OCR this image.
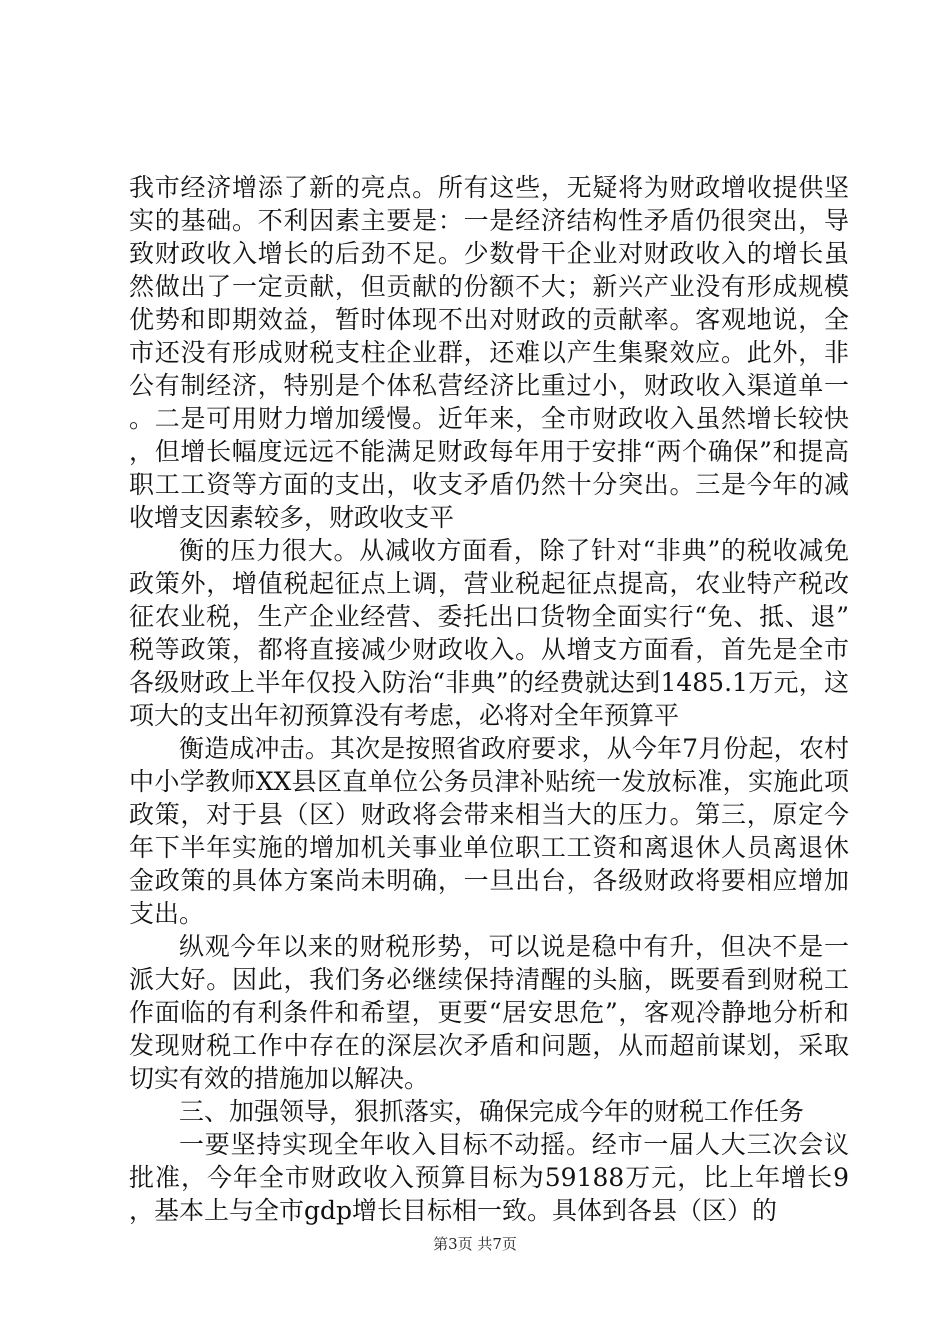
我市经济增添了新的亮点。所有这些，无疑将为财政增收提供坚实的基础。不利因素主要是：一是经济结构性矛盾仍很突出，导致财政收入增长的后劲不足。少数骨干企业对财政收入的增长虽然做出了一定贡献，但贡献的份额不大；新兴产业没有形成规模优势和即期效益，暂时体现不出对财政的贡献率。客观地说，全市还没有形成财税支柱企业群，还难以产生集聚效应。此外，非公有制经济，特别是个体私营经济比重过小，财政收入渠道单一。二是可用财力增加缓慢。近年来，全市财政收入虽然增长较快，但增长幅度远远不能满足财政每年用于安排“两个确保”和提高职工工资等方面的支出，收支矛盾仍然十分突出。三是今年的减收增支因素较多，财政收支平

衡的压力很大。从减收方面看，除了针对“非典”的税收减免政策外，增值税起征点上调，营业税起征点提高，农业特产税改征农业税，生产企业经营、委托出口货物全面实行“免、抵、退”税等政策，都将直接减少财政收入。从增支方面看，首先是全市各级财政上半年仅投入防治“非典”的经费就达到1485.1万元，这项大的支出年初预算没有考虑，必将对全年预算平

衡造成冲击。其次是按照省政府要求，从今年7月份起，农村中小学教师XX县区直单位公务员津补贴统一发放标准，实施此项政策，对于县（区）财政将会带来相当大的压力。第三，原定今年下半年实施的增加机关事业单位职工工资和离退休人员离退休金政策的具体方案尚未明确，一旦出台，各级财政将要相应增加支出。

纵观今年以来的财税形势，可以说是稳中有升，但决不是一派大好。因此，我们务必继续保持清醒的头脑，既要看到财税工作面临的有利条件和希望，更要“居安思危”，客观冷静地分析和发现财税工作中存在的深层次矛盾和问题，从而超前谋划，采取切实有效的措施加以解决。

三、加强领导，狠抓落实，确保完成今年的财税工作任务

一要坚持实现全年收入目标不动摇。经市一届人大三次会议批准，今年全市财政收入预算目标为59188万元，比上年增长9，基本上与全市gdp增长目标相一致。具体到各县（区）的

第3页 共7页
